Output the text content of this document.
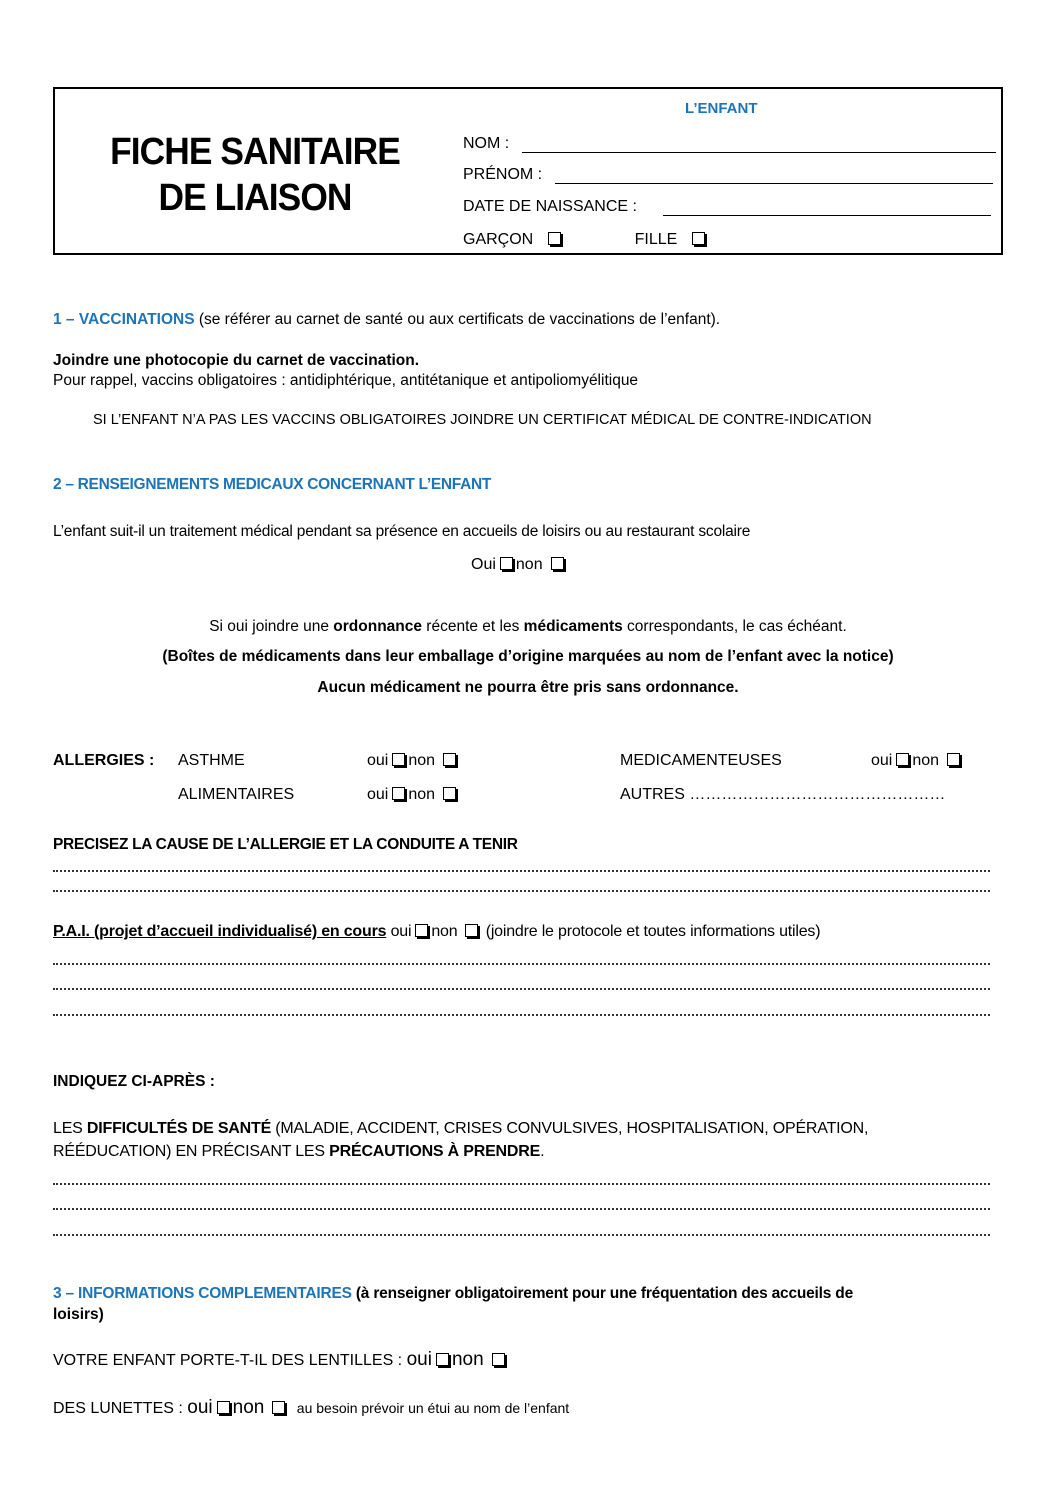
FICHE SANITAIRE
DE LIAISON
L’ENFANT
NOM :
PRÉNOM :
DATE DE NAISSANCE :
GARÇON	FILLE
1 – VACCINATIONS (se référer au carnet de santé ou aux certificats de vaccinations de l’enfant).
Joindre une photocopie du carnet de vaccination.
Pour rappel, vaccins obligatoires : antidiphtérique, antitétanique et antipoliomyélitique
SI L’ENFANT N’A PAS LES VACCINS OBLIGATOIRES JOINDRE UN CERTIFICAT MÉDICAL DE CONTRE-INDICATION
2 – RENSEIGNEMENTS MEDICAUX CONCERNANT L’ENFANT
L’enfant suit-il un traitement médical pendant sa présence en accueils de loisirs ou au restaurant scolaire
Oui non
Si oui joindre une ordonnance récente et les médicaments correspondants, le cas échéant.
(Boîtes de médicaments dans leur emballage d’origine marquées au nom de l’enfant avec la notice)
Aucun médicament ne pourra être pris sans ordonnance.
ALLERGIES : ASTHME	oui non	MEDICAMENTEUSES	oui non
ALIMENTAIRES	oui non	AUTRES …………………………………………
PRECISEZ LA CAUSE DE L’ALLERGIE ET LA CONDUITE A TENIR
P.A.I. (projet d’accueil individualisé) en cours oui non (joindre le protocole et toutes informations utiles)
INDIQUEZ CI-APRÈS :
LES DIFFICULTÉS DE SANTÉ (MALADIE, ACCIDENT, CRISES CONVULSIVES, HOSPITALISATION, OPÉRATION,
RÉÉDUCATION) EN PRÉCISANT LES PRÉCAUTIONS À PRENDRE.
3 – INFORMATIONS COMPLEMENTAIRES (à renseigner obligatoirement pour une fréquentation des accueils de
loisirs)
VOTRE ENFANT PORTE-T-IL DES LENTILLES : oui non
DES LUNETTES : oui non au besoin prévoir un étui au nom de l’enfant
